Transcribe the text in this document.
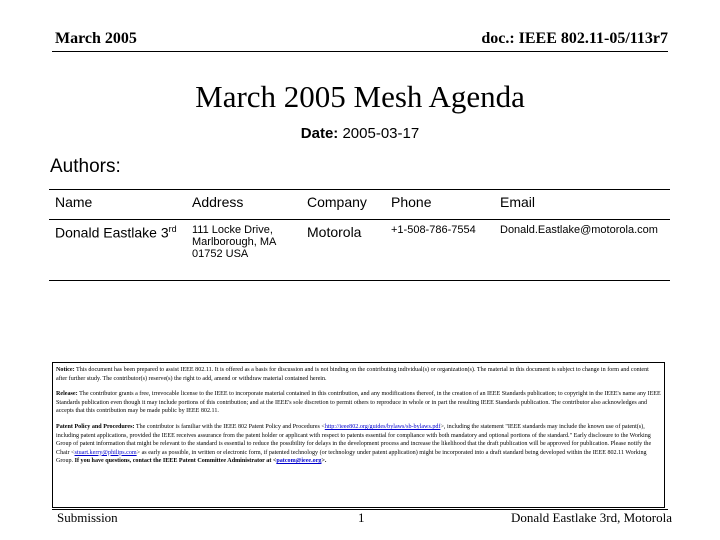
March 2005	doc.: IEEE 802.11-05/113r7
March 2005 Mesh Agenda
Date: 2005-03-17
Authors:
Name	Address	Company	Phone	Email
Donald Eastlake 3rd	111 Locke Drive,
Marlborough, MA
01752 USA	Motorola	+1-508-786-7554	Donald.Eastlake@motorola.com

Notice: This document has been prepared to assist IEEE 802.11. It is offered as a basis for discussion and is not binding on the contributing individual(s) or organization(s). The material in this document is subject to change in form and content after further study. The contributor(s) reserve(s) the right to add, amend or withdraw material contained herein.

Release: The contributor grants a free, irrevocable license to the IEEE to incorporate material contained in this contribution, and any modifications thereof, in the creation of an IEEE Standards publication; to copyright in the IEEE's name any IEEE Standards publication even though it may include portions of this contribution; and at the IEEE's sole discretion to permit others to reproduce in whole or in part the resulting IEEE Standards publication. The contributor also acknowledges and accepts that this contribution may be made public by IEEE 802.11.

Patent Policy and Procedures: The contributor is familiar with the IEEE 802 Patent Policy and Procedures <http://ieee802.org/guides/bylaws/sb-bylaws.pdf>, including the statement "IEEE standards may include the known use of patent(s), including patent applications, provided the IEEE receives assurance from the patent holder or applicant with respect to patents essential for compliance with both mandatory and optional portions of the standard." Early disclosure to the Working Group of patent information that might be relevant to the standard is essential to reduce the possibility for delays in the development process and increase the likelihood that the draft publication will be approved for publication. Please notify the Chair <stuart.kerry@philips.com> as early as possible, in written or electronic form, if patented technology (or technology under patent application) might be incorporated into a draft standard being developed within the IEEE 802.11 Working Group. If you have questions, contact the IEEE Patent Committee Administrator at <patcom@ieee.org>.

Submission	1	Donald Eastlake 3rd, Motorola
